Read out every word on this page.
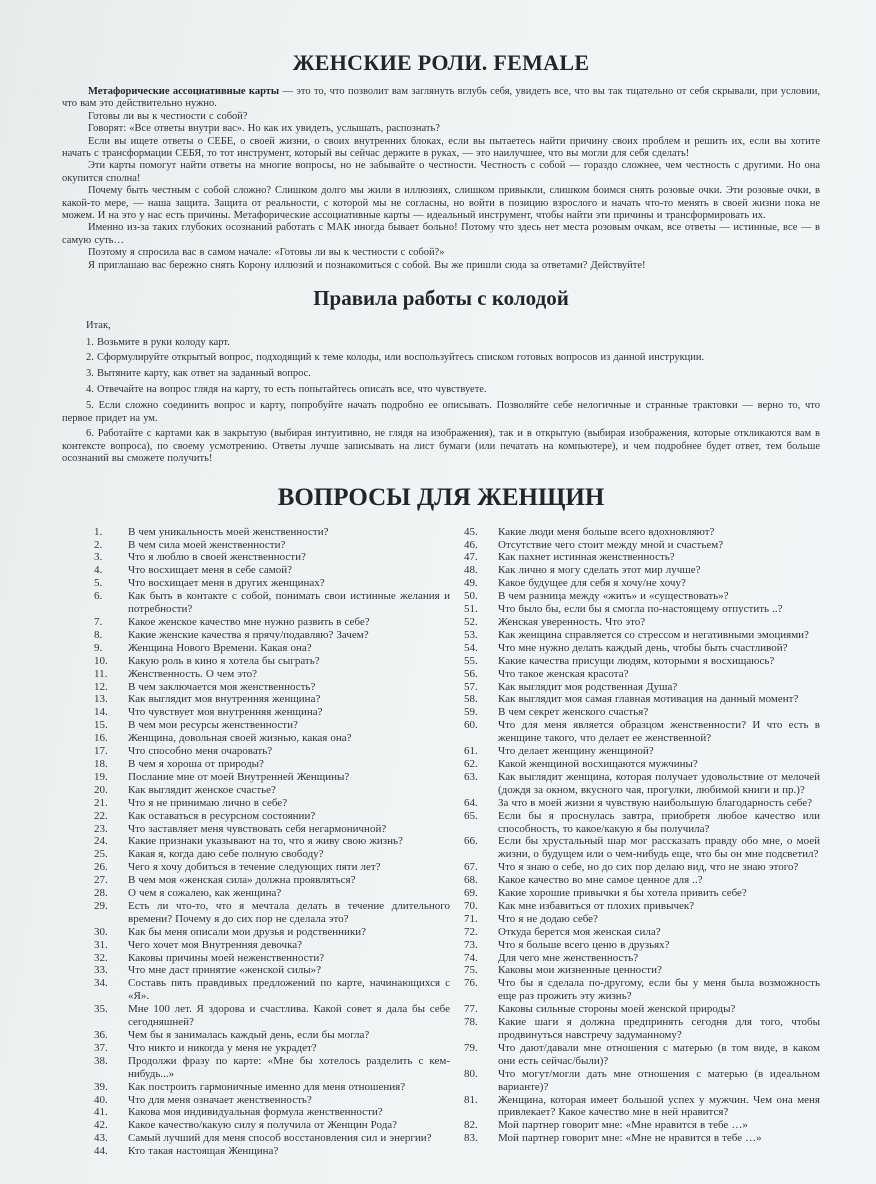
ЖЕНСКИЕ РОЛИ. FEMALE

Метафорические ассоциативные карты — это то, что позволит вам заглянуть вглубь себя, увидеть все, что вы так тщательно от себя скрывали, при условии, что вам это действительно нужно.

Готовы ли вы к честности с собой?

Говорят: «Все ответы внутри вас». Но как их увидеть, услышать, распознать?

Если вы ищете ответы о СЕБЕ, о своей жизни, о своих внутренних блоках, если вы пытаетесь найти причину своих проблем и решить их, если вы хотите начать с трансформации СЕБЯ, то тот инструмент, который вы сейчас держите в руках, — это наилучшее, что вы могли для себя сделать!

Эти карты помогут найти ответы на многие вопросы, но не забывайте о честности. Честность с собой — гораздо сложнее, чем честность с другими. Но она окупится сполна!

Почему быть честным с собой сложно? Слишком долго мы жили в иллюзиях, слишком привыкли, слишком боимся снять розовые очки. Эти розовые очки, в какой-то мере, — наша защита. Защита от реальности, с которой мы не согласны, но войти в позицию взрослого и начать что-то менять в своей жизни пока не можем. И на это у нас есть причины. Метафорические ассоциативные карты — идеальный инструмент, чтобы найти эти причины и трансформировать их.

Именно из-за таких глубоких осознаний работать с МАК иногда бывает больно! Потому что здесь нет места розовым очкам, все ответы — истинные, все — в самую суть…

Поэтому я спросила вас в самом начале: «Готовы ли вы к честности с собой?»

Я приглашаю вас бережно снять Корону иллюзий и познакомиться с собой. Вы же пришли сюда за ответами? Действуйте!

Правила работы с колодой

Итак,

1. Возьмите в руки колоду карт.

2. Сформулируйте открытый вопрос, подходящий к теме колоды, или воспользуйтесь списком готовых вопросов из данной инструкции.

3. Вытяните карту, как ответ на заданный вопрос.

4. Отвечайте на вопрос глядя на карту, то есть попытайтесь описать все, что чувствуете.

5. Если сложно соединить вопрос и карту, попробуйте начать подробно ее описывать. Позволяйте себе нелогичные и странные трактовки — верно то, что первое придет на ум.

6. Работайте с картами как в закрытую (выбирая интуитивно, не глядя на изображения), так и в открытую (выбирая изображения, которые откликаются вам в контексте вопроса), по своему усмотрению. Ответы лучше записывать на лист бумаги (или печатать на компьютере), и чем подробнее будет ответ, тем больше осознаний вы сможете получить!

ВОПРОСЫ ДЛЯ ЖЕНЩИН
1.	В чем уникальность моей женственности?
2.	В чем сила моей женственности?
3.	Что я люблю в своей женственности?
4.	Что восхищает меня в себе самой?
5.	Что восхищает меня в других женщинах?
6.	Как быть в контакте с собой, понимать свои истинные желания и потребности?
7.	Какое женское качество мне нужно развить в себе?
8.	Какие женские качества я прячу/подавляю? Зачем?
9.	Женщина Нового Времени. Какая она?
10.	Какую роль в кино я хотела бы сыграть?
11.	Женственность. О чем это?
12.	В чем заключается моя женственность?
13.	Как выглядит моя внутренняя женщина?
14.	Что чувствует моя внутренняя женщина?
15.	В чем мои ресурсы женственности?
16.	Женщина, довольная своей жизнью, какая она?
17.	Что способно меня очаровать?
18.	В чем я хороша от природы?
19.	Послание мне от моей Внутренней Женщины?
20.	Как выглядит женское счастье?
21.	Что я не принимаю лично в себе?
22.	Как оставаться в ресурсном состоянии?
23.	Что заставляет меня чувствовать себя негармоничной?
24.	Какие признаки указывают на то, что я живу свою жизнь?
25.	Какая я, когда даю себе полную свободу?
26.	Чего я хочу добиться в течение следующих пяти лет?
27.	В чем моя «женская сила» должна проявляться?
28.	О чем я сожалею, как женщина?
29.	Есть ли что-то, что я мечтала делать в течение длительного времени? Почему я до сих пор не сделала это?
30.	Как бы меня описали мои друзья и родственники?
31.	Чего хочет моя Внутренняя девочка?
32.	Каковы причины моей неженственности?
33.	Что мне даст принятие «женской силы»?
34.	Составь пять правдивых предложений по карте, начинающихся с «Я».
35.	Мне 100 лет. Я здорова и счастлива. Какой совет я дала бы себе сегодняшней?
36.	Чем бы я занималась каждый день, если бы могла?
37.	Что никто и никогда у меня не украдет?
38.	Продолжи фразу по карте: «Мне бы хотелось разделить с кем-нибудь...»
39.	Как построить гармоничные именно для меня отношения?
40.	Что для меня означает женственность?
41.	Какова моя индивидуальная формула женственности?
42.	Какое качество/какую силу я получила от Женщин Рода?
43.	Самый лучший для меня способ восстановления сил и энергии?
44.	Кто такая настоящая Женщина?
45.	Какие люди меня больше всего вдохновляют?
46.	Отсутствие чего стоит между мной и счастьем?
47.	Как пахнет истинная женственность?
48.	Как лично я могу сделать этот мир лучше?
49.	Какое будущее для себя я хочу/не хочу?
50.	В чем разница между «жить» и «существовать»?
51.	Что было бы, если бы я смогла по-настоящему отпустить ..?
52.	Женская уверенность. Что это?
53.	Как женщина справляется со стрессом и негативными эмоциями?
54.	Что мне нужно делать каждый день, чтобы быть счастливой?
55.	Какие качества присущи людям, которыми я восхищаюсь?
56.	Что такое женская красота?
57.	Как выглядит моя родственная Душа?
58.	Как выглядит моя самая главная мотивация на данный момент?
59.	В чем секрет женского счастья?
60.	Что для меня является образцом женственности? И что есть в женщине такого, что делает ее женственной?
61.	Что делает женщину женщиной?
62.	Какой женщиной восхищаются мужчины?
63.	Как выглядит женщина, которая получает удовольствие от мелочей (дождя за окном, вкусного чая, прогулки, любимой книги и пр.)?
64.	За что в моей жизни я чувствую наибольшую благодарность себе?
65.	Если бы я проснулась завтра, приобретя любое качество или способность, то какое/какую я бы получила?
66.	Если бы хрустальный шар мог рассказать правду обо мне, о моей жизни, о будущем или о чем-нибудь еще, что бы он мне подсветил?
67.	Что я знаю о себе, но до сих пор делаю вид, что не знаю этого?
68.	Какое качество во мне самое ценное для ..?
69.	Какие хорошие привычки я бы хотела привить себе?
70.	Как мне избавиться от плохих привычек?
71.	Что я не додаю себе?
72.	Откуда берется моя женская сила?
73.	Что я больше всего ценю в друзьях?
74.	Для чего мне женственность?
75.	Каковы мои жизненные ценности?
76.	Что бы я сделала по-другому, если бы у меня была возможность еще раз прожить эту жизнь?
77.	Каковы сильные стороны моей женской природы?
78.	Какие шаги я должна предпринять сегодня для того, чтобы продвинуться навстречу задуманному?
79.	Что дают/давали мне отношения с матерью (в том виде, в каком они есть сейчас/были)?
80.	Что могут/могли дать мне отношения с матерью (в идеальном варианте)?
81.	Женщина, которая имеет большой успех у мужчин. Чем она меня привлекает? Какое качество мне в ней нравится?
82.	Мой партнер говорит мне: «Мне нравится в тебе …»
83.	Мой партнер говорит мне: «Мне не нравится в тебе …»
